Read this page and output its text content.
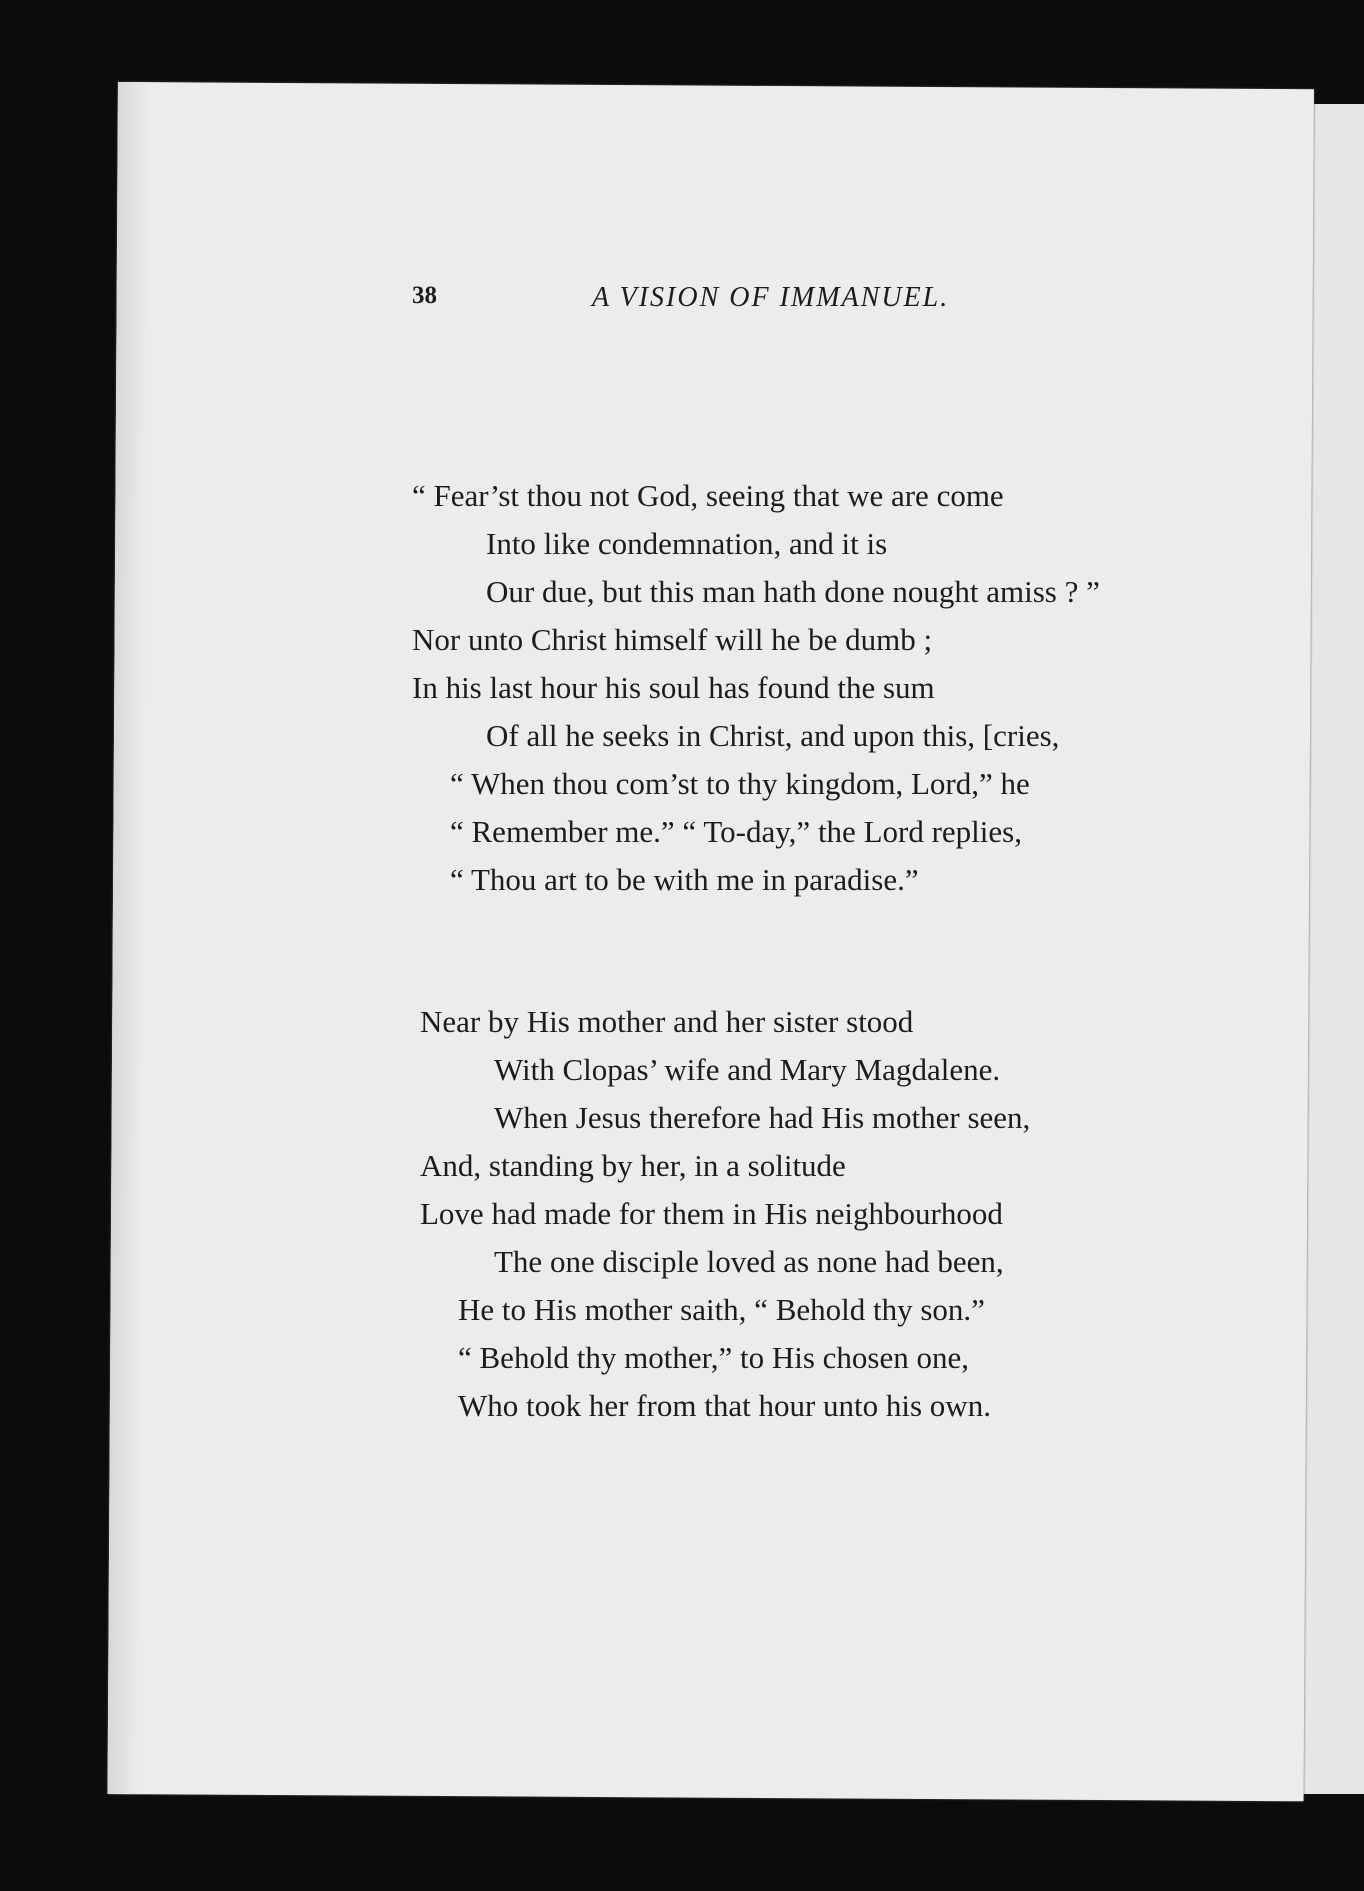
38	A VISION OF IMMANUEL.
“ Fear’st thou not God, seeing that we are come
Into like condemnation, and it is
Our due, but this man hath done nought amiss ? ”
Nor unto Christ himself will he be dumb ;
In his last hour his soul has found the sum
Of all he seeks in Christ, and upon this, [cries,
“ When thou com’st to thy kingdom, Lord,” he
“ Remember me.” “ To-day,” the Lord replies,
“ Thou art to be with me in paradise.”
Near by His mother and her sister stood
With Clopas’ wife and Mary Magdalene.
When Jesus therefore had His mother seen,
And, standing by her, in a solitude
Love had made for them in His neighbourhood
The one disciple loved as none had been,
He to His mother saith, “ Behold thy son.”
“ Behold thy mother,” to His chosen one,
Who took her from that hour unto his own.
